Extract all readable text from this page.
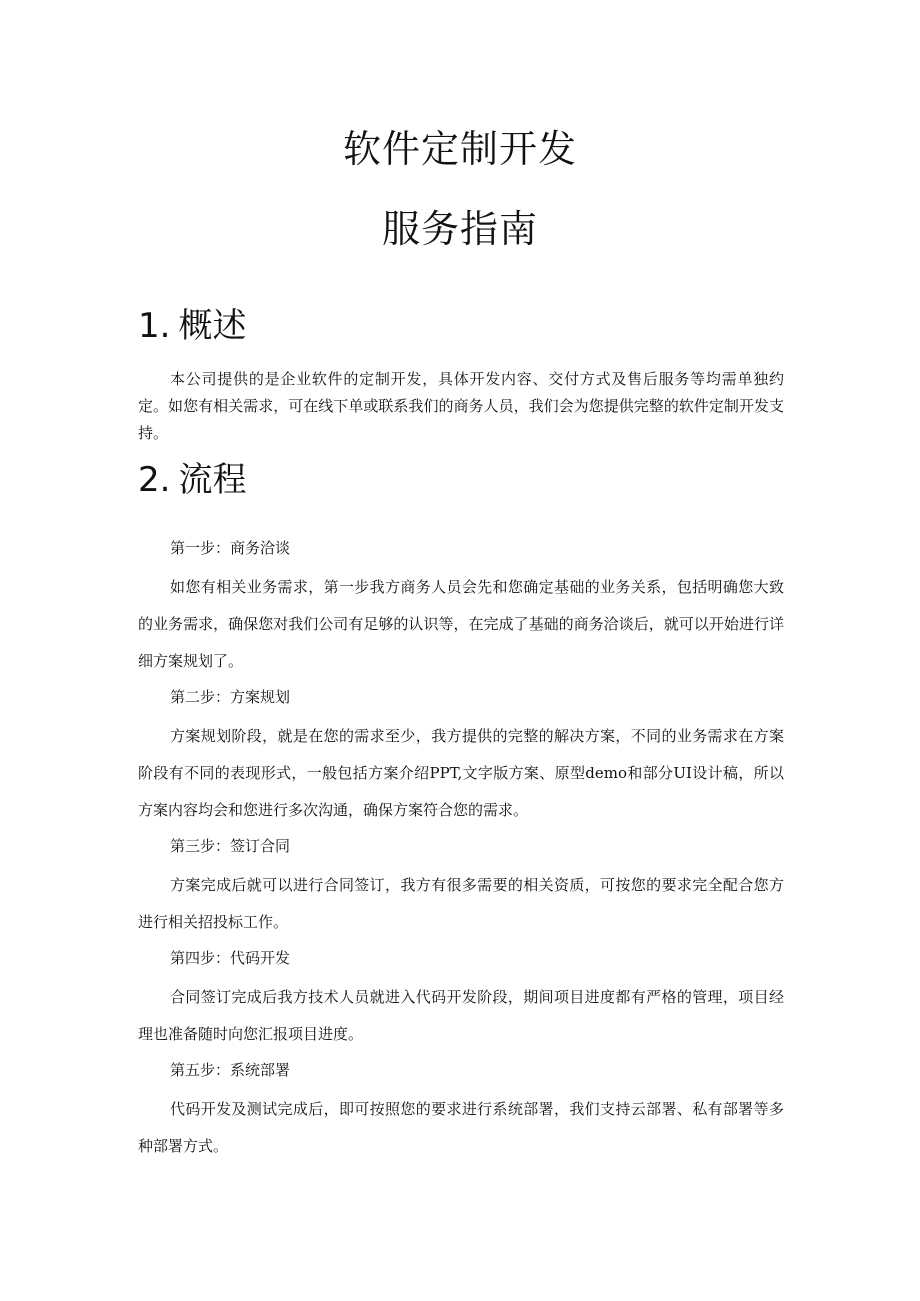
软件定制开发
服务指南
1. 概述

本公司提供的是企业软件的定制开发，具体开发内容、交付方式及售后服务等均需单独约定。如您有相关需求，可在线下单或联系我们的商务人员，我们会为您提供完整的软件定制开发支持。

2. 流程

第一步：商务洽谈

如您有相关业务需求，第一步我方商务人员会先和您确定基础的业务关系，包括明确您大致的业务需求，确保您对我们公司有足够的认识等，在完成了基础的商务洽谈后，就可以开始进行详细方案规划了。

第二步：方案规划

方案规划阶段，就是在您的需求至少，我方提供的完整的解决方案，不同的业务需求在方案阶段有不同的表现形式，一般包括方案介绍PPT,文字版方案、原型demo和部分UI设计稿，所以方案内容均会和您进行多次沟通，确保方案符合您的需求。

第三步：签订合同

方案完成后就可以进行合同签订，我方有很多需要的相关资质，可按您的要求完全配合您方进行相关招投标工作。

第四步：代码开发

合同签订完成后我方技术人员就进入代码开发阶段，期间项目进度都有严格的管理，项目经理也准备随时向您汇报项目进度。

第五步：系统部署

代码开发及测试完成后，即可按照您的要求进行系统部署，我们支持云部署、私有部署等多种部署方式。
